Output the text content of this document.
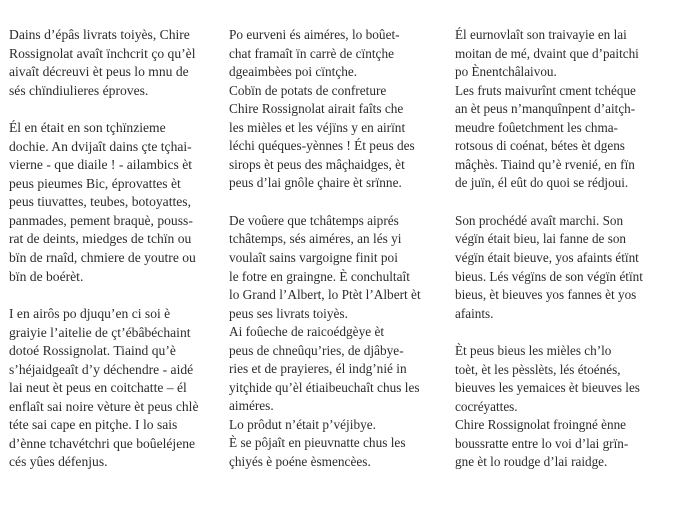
Dains d’épâs livrats toiyès, Chire
Rossignolat avaît ïnchcrit ço qu’èl
aivaît décreuvi èt peus lo mnu de
sés chïndiulieres éproves.
Él en était en son tçhïnzieme
dochie. An dvijaît dains çte tçhai-
vierne - que diaile ! - ailambics èt
peus pieumes Bic, éprovattes èt
peus tiuvattes, teubes, botoyattes,
panmades, pement braquè, pouss-
rat de deints, miedges de tchïn ou
bïn de rnaîd, chmiere de youtre ou
bïn de boérèt.
I en airôs po djuqu’en ci soi è
graiyie l’aitelie de çt’ébâbéchaint
dotoé Rossignolat. Tiaind qu’è
s’héjaidgeaît d’y déchendre - aidé
lai neut èt peus en coitchatte – él
enflaît sai noire vèture èt peus chlè
téte sai cape en pitçhe. I lo sais
d’ènne tchavétchri que boûeléjene
cés yûes défenjus.
Po eurveni és aiméres, lo boûet-
chat framaît ïn carrè de cïntçhe
dgeaimbèes poi cïntçhe.
Cobïn de potats de confreture
Chire Rossignolat airait faîts che
les mièles et les véjïns y en airïnt
léchi quéques-yènnes ! Ét peus des
sirops èt peus des mâçhaidges, èt
peus d’lai gnôle çhaire èt srïnne.
De voûere que tchâtemps aiprés
tchâtemps, sés aiméres, an lés yi
voulaît sains vargoigne finit poi
le fotre en graingne. È conchultaît
lo Grand l’Albert, lo Ptèt l’Albert èt
peus ses livrats toiyès.
Ai foûeche de raicoédgèye èt
peus de chneûqu’ries, de djâbye-
ries et de prayieres, él indg’nié in
yitçhide qu’èl étiaibeuchaît chus les
aiméres.
Lo prôdut n’était p’véjibye.
È se pôjaît en pieuvnatte chus les
çhiyés è poéne èsmencèes.
Él eurnovlaît son traivayie en lai
moitan de mé, dvaint que d’paitchi
po Ènentchâlaivou.
Les fruts maivurînt cment tchéque
an èt peus n’manquînpent d’aitçh-
meudre foûetchment les chma-
rotsous di coénat, bétes èt dgens
mâçhès. Tiaind qu’è rvenié, en fïn
de juïn, él eût do quoi se rédjoui.
Son prochédé avaît marchi. Son
végïn était bieu, lai fanne de son
végïn était bieuve, yos afaints étïnt
bieus. Lés végïns de son végïn étïnt
bieus, èt bieuves yos fannes èt yos
afaints.
Èt peus bieus les mièles ch’lo
toèt, èt les pèsslèts, lés étoénés,
bieuves les yemaices èt bieuves les
cocréyattes.
Chire Rossignolat froingné ènne
boussratte entre lo voi d’lai grïn-
gne èt lo roudge d’lai raidge.
